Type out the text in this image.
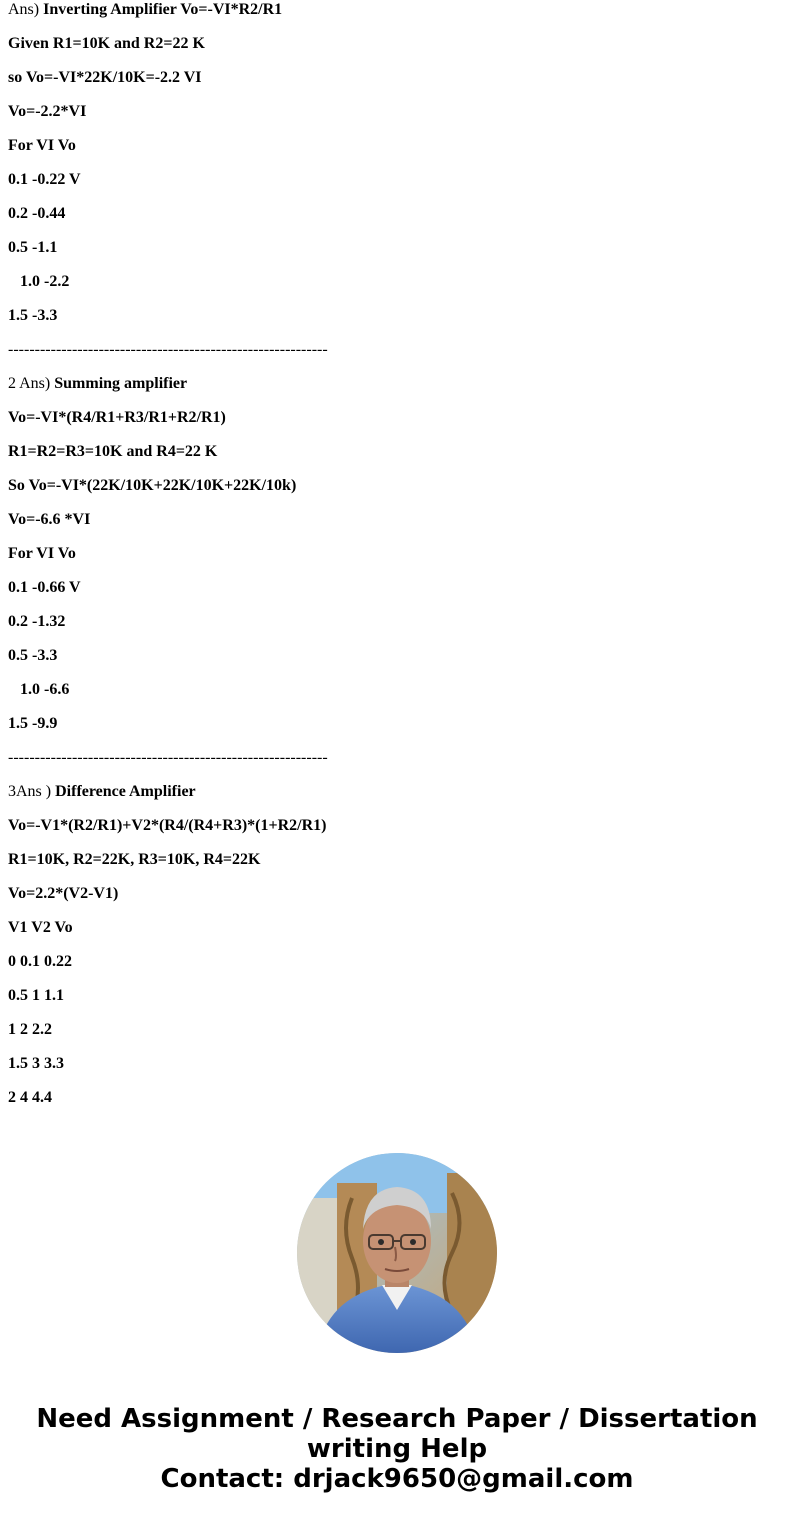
Ans) Inverting Amplifier Vo=-VI*R2/R1
Given R1=10K and R2=22 K
so Vo=-VI*22K/10K=-2.2 VI
Vo=-2.2*VI
For VI Vo
0.1 -0.22 V
0.2 -0.44
0.5 -1.1
1.0 -2.2
1.5 -3.3
------------------------------------------------------------
2 Ans) Summing amplifier
Vo=-VI*(R4/R1+R3/R1+R2/R1)
R1=R2=R3=10K and R4=22 K
So Vo=-VI*(22K/10K+22K/10K+22K/10k)
Vo=-6.6 *VI
For VI Vo
0.1 -0.66 V
0.2 -1.32
0.5 -3.3
1.0 -6.6
1.5 -9.9
------------------------------------------------------------
3Ans ) Difference Amplifier
Vo=-V1*(R2/R1)+V2*(R4/(R4+R3)*(1+R2/R1)
R1=10K, R2=22K, R3=10K, R4=22K
Vo=2.2*(V2-V1)
V1 V2 Vo
0 0.1 0.22
0.5 1 1.1
1 2 2.2
1.5 3 3.3
2 4 4.4
Need Assignment / Research Paper / Dissertation
writing Help
Contact: drjack9650@gmail.com
